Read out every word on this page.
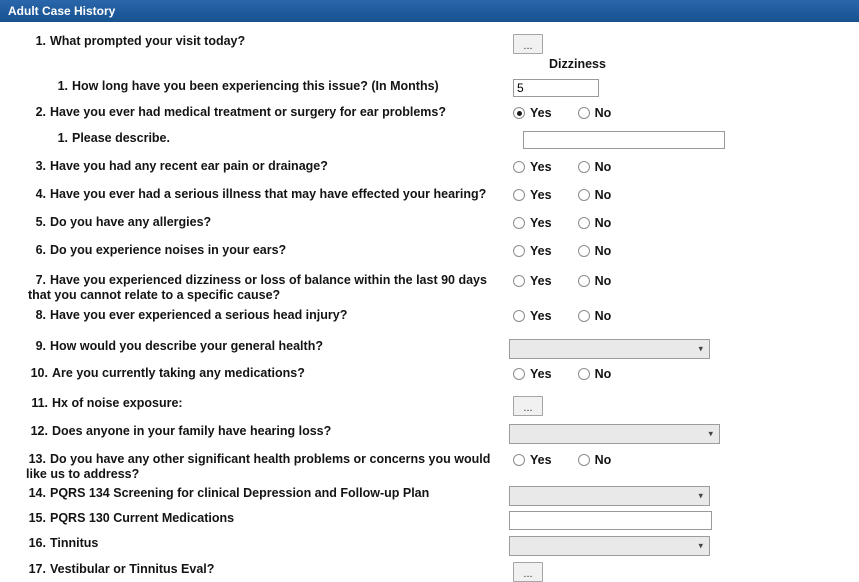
Adult Case History
1. What prompted your visit today?	...
Dizziness
1. How long have you been experiencing this issue? (In Months)
5
2. Have you ever had medical treatment or surgery for ear problems?	Yes	No
1. Please describe.
3. Have you had any recent ear pain or drainage?	Yes	No
4. Have you ever had a serious illness that may have effected your hearing?	Yes	No
5. Do you have any allergies?	Yes	No
6. Do you experience noises in your ears?	Yes	No
7. Have you experienced dizziness or loss of balance within the last 90 days that you cannot relate to a specific cause?
Yes	No
8. Have you ever experienced a serious head injury?	Yes	No
9. How would you describe your general health?	▾
10. Are you currently taking any medications?	Yes	No
11. Hx of noise exposure:	...
12. Does anyone in your family have hearing loss?	▾
13. Do you have any other significant health problems or concerns you would like us to address?
Yes	No
14. PQRS 134 Screening for clinical Depression and Follow-up Plan	▾
15. PQRS 130 Current Medications
16. Tinnitus	▾
17. Vestibular or Tinnitus Eval?	...
